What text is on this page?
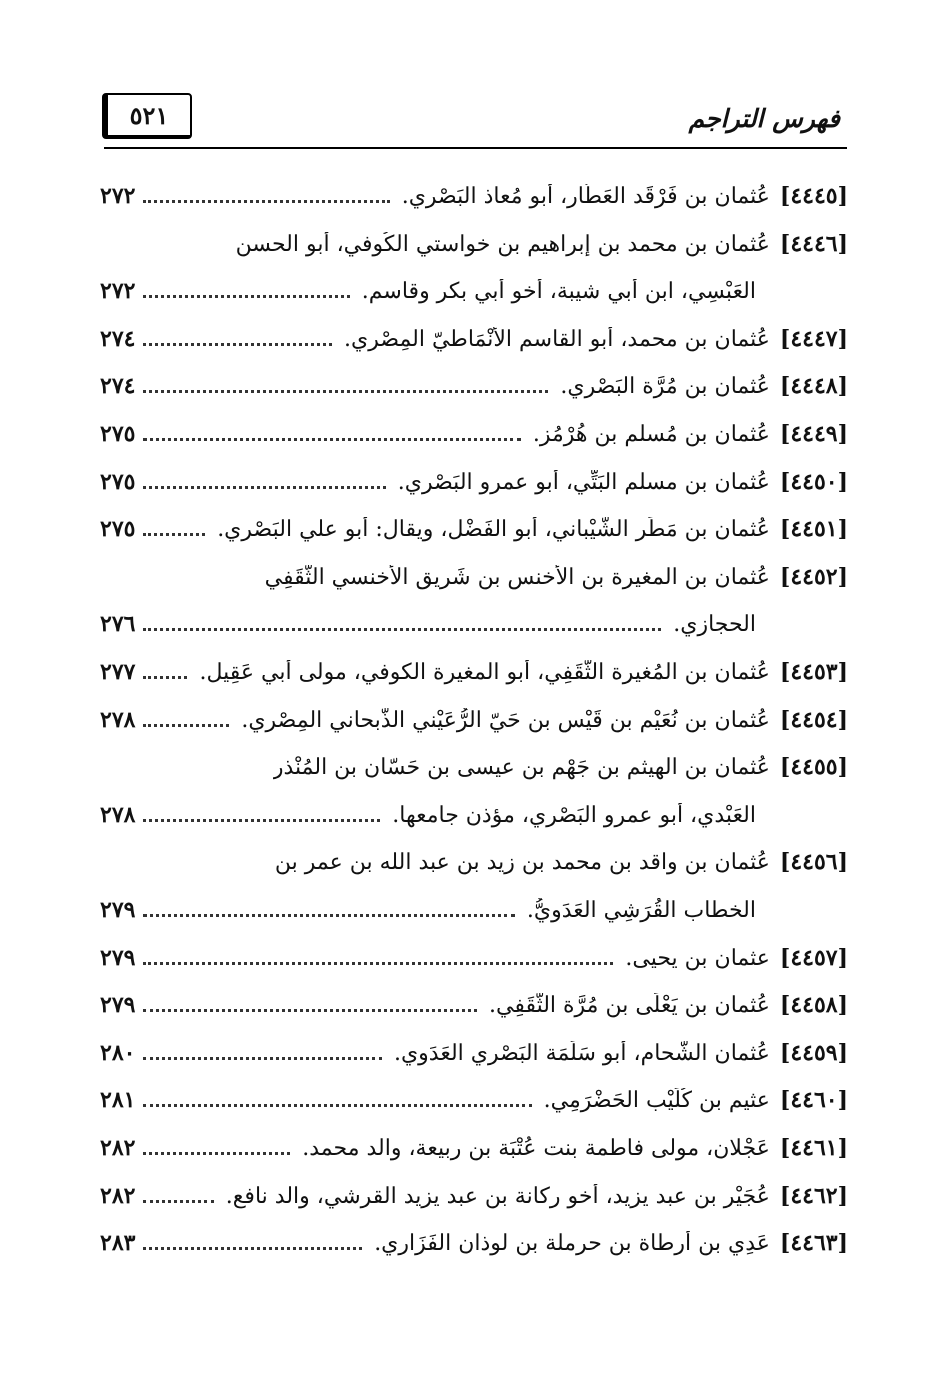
فهرس التراجم
٥٢١
[٤٤٤٥]
عُثمان بن فَرْقَد العَطَّار، أبو مُعاذ البَصْري.
٢٧٢
[٤٤٤٦]
عُثمان بن محمد بن إبراهيم بن خواستي الكُوفي، أبو الحسن
العَبْسِي، ابن أبي شيبة، أخو أبي بكر وقاسم.
٢٧٢
[٤٤٤٧]
عُثمان بن محمد، أبو القاسم الأَنْمَاطيّ المِصْري.
٢٧٤
[٤٤٤٨]
عُثمان بن مُرَّة البَصْري.
٢٧٤
[٤٤٤٩]
عُثمان بن مُسلم بن هُرْمُز.
٢٧٥
[٤٤٥٠]
عُثمان بن مسلم البَتِّي، أبو عمرو البَصْري.
٢٧٥
[٤٤٥١]
عُثمان بن مَطَر الشَّيْباني، أبو الفَضْل، ويقال: أبو علي البَصْري.
٢٧٥
[٤٤٥٢]
عُثمان بن المغيرة بن الأخنس بن شَرِيق الأخنسي الثَّقَفِي
الحجازي.
٢٧٦
[٤٤٥٣]
عُثمان بن المُغيرة الثَّقَفِي، أبو المغيرة الكوفي، مولى أبي عَقِيل.
٢٧٧
[٤٤٥٤]
عُثمان بن نُعَيْم بن قَيْس بن حَيّ الرُّعَيْني الذُّبحاني المِصْري.
٢٧٨
[٤٤٥٥]
عُثمان بن الهيثم بن جَهْم بن عيسى بن حَسّان بن المُنْذر
العَبْدي، أبو عمرو البَصْري، مؤذن جامعها.
٢٧٨
[٤٤٥٦]
عُثمان بن واقد بن محمد بن زيد بن عبد الله بن عمر بن
الخطاب القُرَشِي العَدَوِيُّ.
٢٧٩
[٤٤٥٧]
عثمان بن يحيى.
٢٧٩
[٤٤٥٨]
عُثمان بن يَعْلَى بن مُرَّة الثَّقَفِي.
٢٧٩
[٤٤٥٩]
عُثمان الشَّحام، أبو سَلَمَة البَصْري العَدَوي.
٢٨٠
[٤٤٦٠]
عثيم بن كُلَيْب الحَضْرَمِي.
٢٨١
[٤٤٦١]
عَجْلان، مولى فاطمة بنت عُتْبَة بن ربيعة، والد محمد.
٢٨٢
[٤٤٦٢]
عُجَيْر بن عبد يزيد، أخو ركانة بن عبد يزيد القرشي، والد نافع.
٢٨٢
[٤٤٦٣]
عَدِي بن أرطاة بن حرملة بن لوذان الفَزَاري.
٢٨٣
